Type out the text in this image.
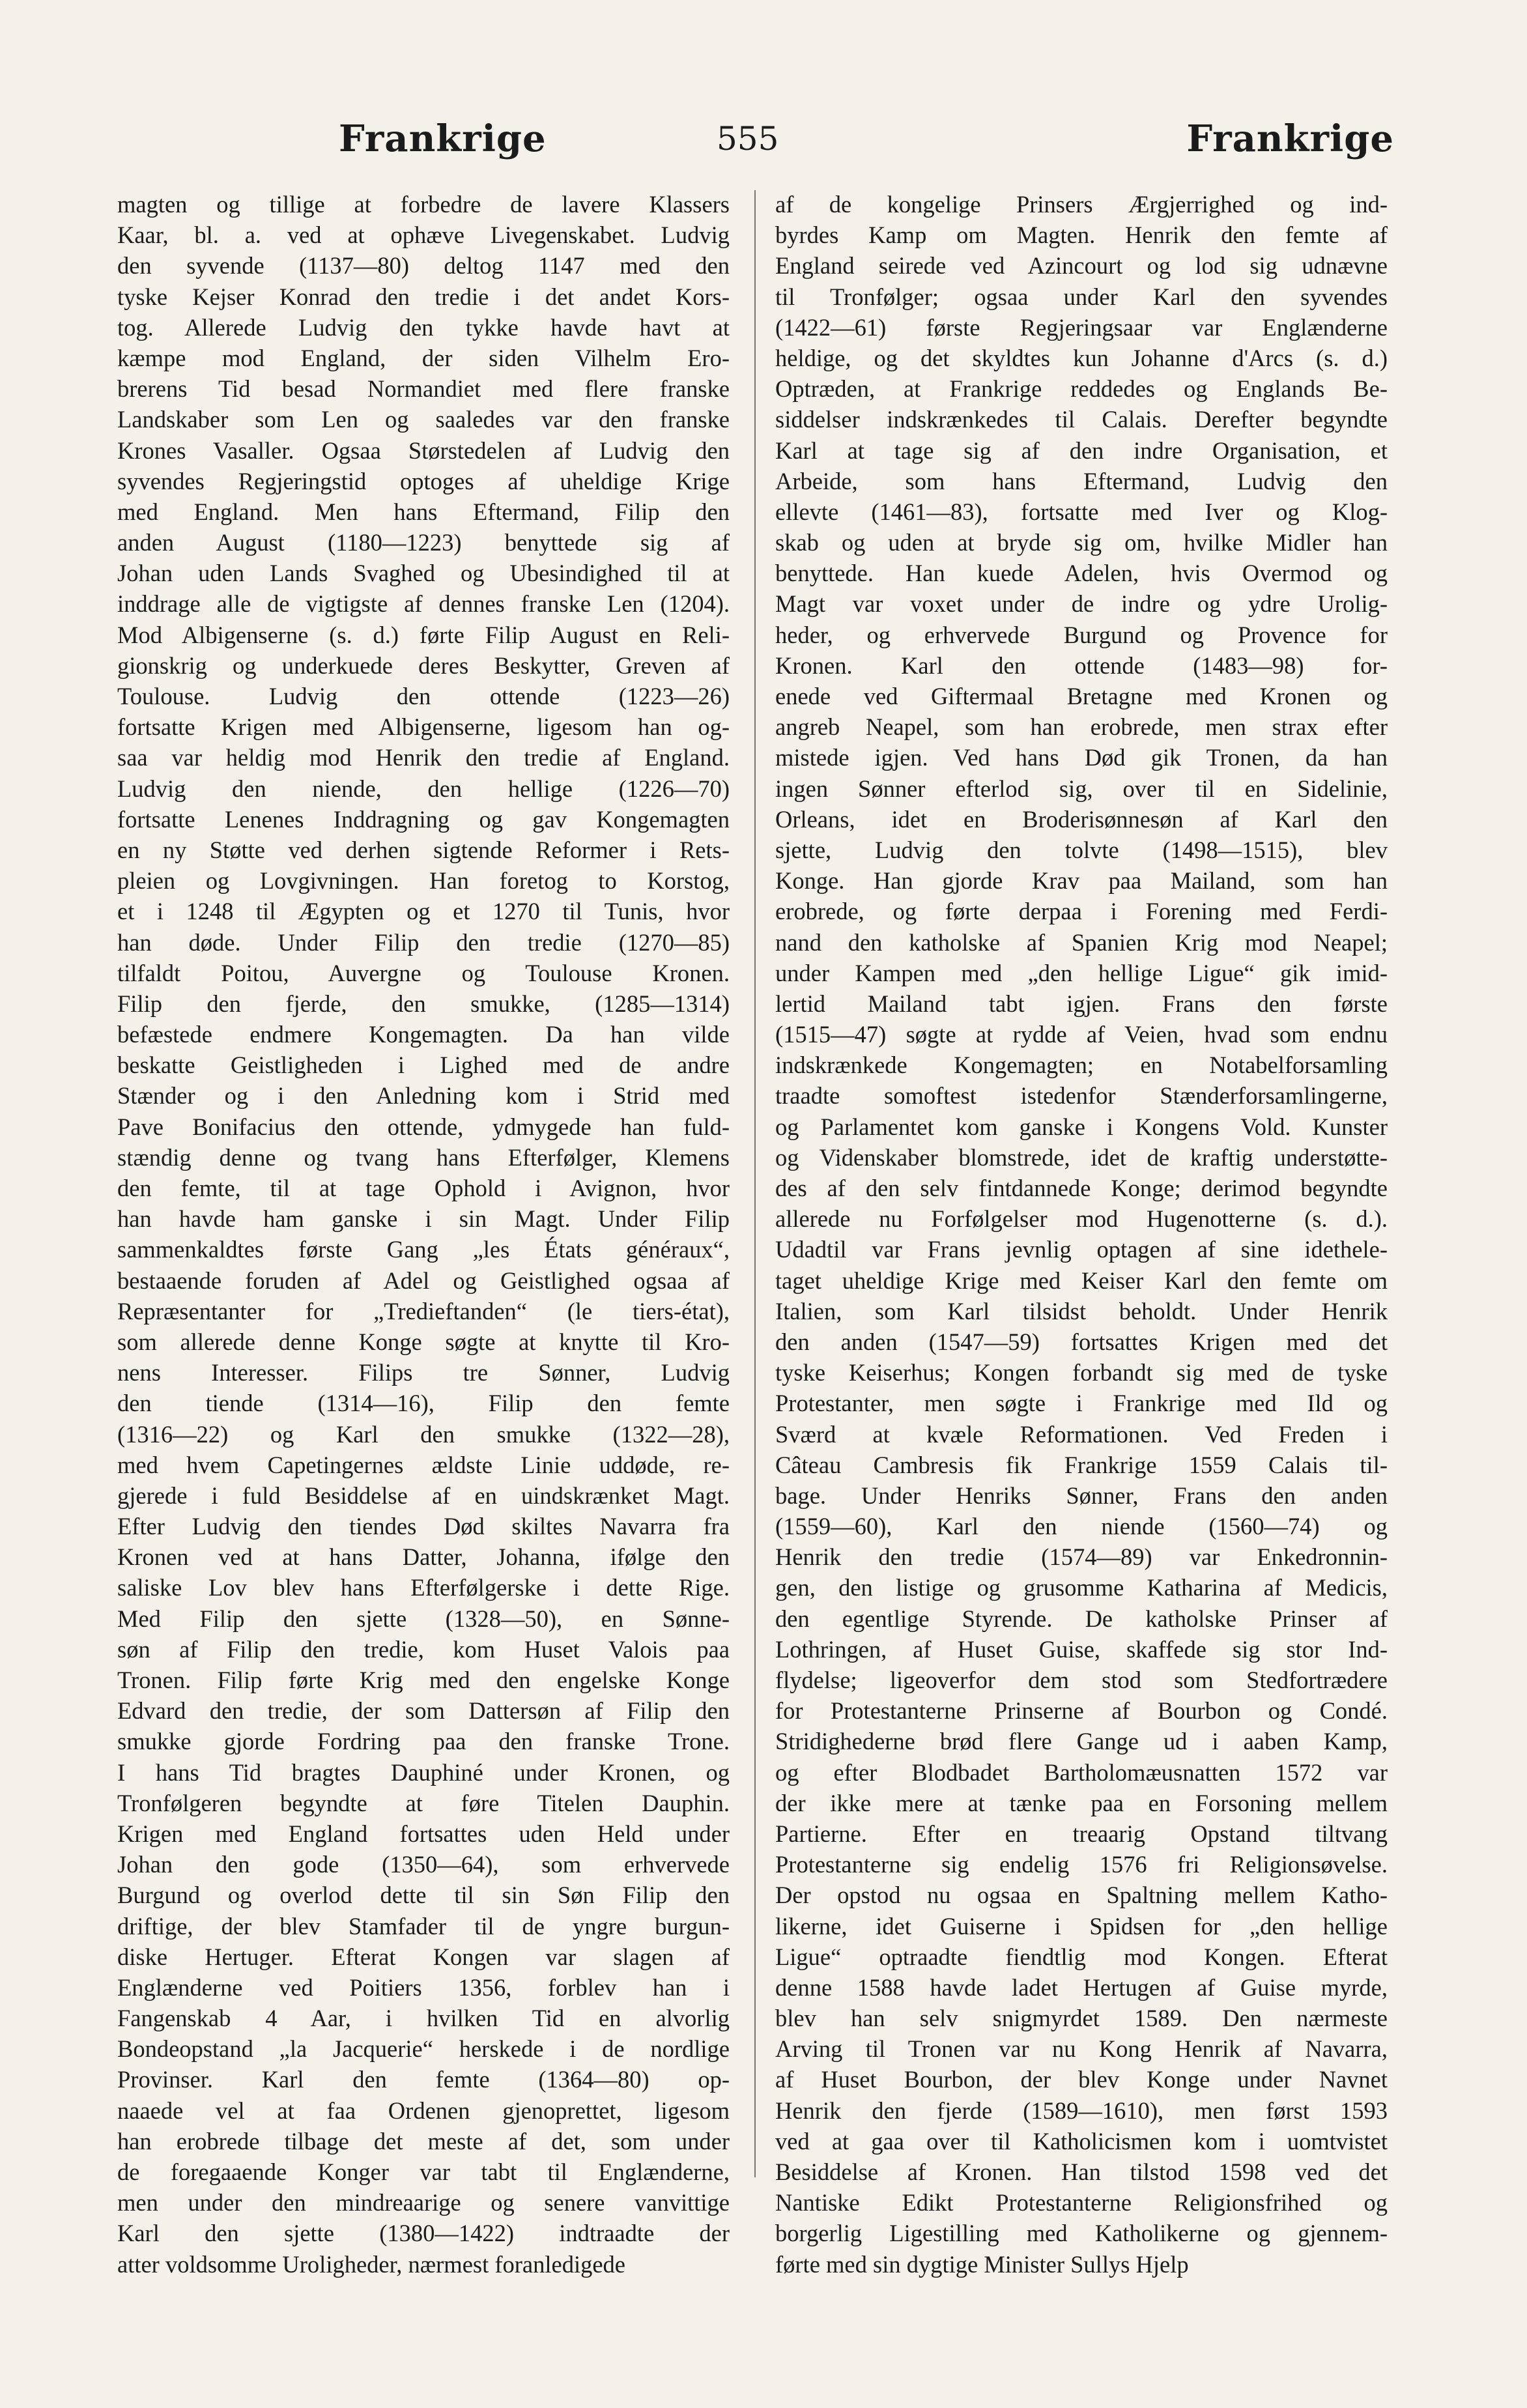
Frankrige	555	Frankrige
magten og tillige at forbedre de lavere Klassers
Kaar, bl. a. ved at ophæve Livegenskabet. Ludvig
den syvende (1137—80) deltog 1147 med den
tyske Kejser Konrad den tredie i det andet Kors-
tog. Allerede Ludvig den tykke havde havt at
kæmpe mod England, der siden Vilhelm Ero-
brerens Tid besad Normandiet med flere franske
Landskaber som Len og saaledes var den franske
Krones Vasaller. Ogsaa Størstedelen af Ludvig den
syvendes Regjeringstid optoges af uheldige Krige
med England. Men hans Eftermand, Filip den
anden August (1180—1223) benyttede sig af
Johan uden Lands Svaghed og Ubesindighed til at
inddrage alle de vigtigste af dennes franske Len (1204).
Mod Albigenserne (s. d.) førte Filip August en Reli-
gionskrig og underkuede deres Beskytter, Greven af
Toulouse. Ludvig den ottende (1223—26)
fortsatte Krigen med Albigenserne, ligesom han og-
saa var heldig mod Henrik den tredie af England.
Ludvig den niende, den hellige (1226—70)
fortsatte Lenenes Inddragning og gav Kongemagten
en ny Støtte ved derhen sigtende Reformer i Rets-
pleien og Lovgivningen. Han foretog to Korstog,
et i 1248 til Ægypten og et 1270 til Tunis, hvor
han døde. Under Filip den tredie (1270—85)
tilfaldt Poitou, Auvergne og Toulouse Kronen.
Filip den fjerde, den smukke, (1285—1314)
befæstede endmere Kongemagten. Da han vilde
beskatte Geistligheden i Lighed med de andre
Stænder og i den Anledning kom i Strid med
Pave Bonifacius den ottende, ydmygede han fuld-
stændig denne og tvang hans Efterfølger, Klemens
den femte, til at tage Ophold i Avignon, hvor
han havde ham ganske i sin Magt. Under Filip
sammenkaldtes første Gang „les États généraux“,
bestaaende foruden af Adel og Geistlighed ogsaa af
Repræsentanter for „Tredieftanden“ (le tiers-état),
som allerede denne Konge søgte at knytte til Kro-
nens Interesser. Filips tre Sønner, Ludvig
den tiende (1314—16), Filip den femte
(1316—22) og Karl den smukke (1322—28),
med hvem Capetingernes ældste Linie uddøde, re-
gjerede i fuld Besiddelse af en uindskrænket Magt.
Efter Ludvig den tiendes Død skiltes Navarra fra
Kronen ved at hans Datter, Johanna, ifølge den
saliske Lov blev hans Efterfølgerske i dette Rige.
Med Filip den sjette (1328—50), en Sønne-
søn af Filip den tredie, kom Huset Valois paa
Tronen. Filip førte Krig med den engelske Konge
Edvard den tredie, der som Dattersøn af Filip den
smukke gjorde Fordring paa den franske Trone.
I hans Tid bragtes Dauphiné under Kronen, og
Tronfølgeren begyndte at føre Titelen Dauphin.
Krigen med England fortsattes uden Held under
Johan den gode (1350—64), som erhvervede
Burgund og overlod dette til sin Søn Filip den
driftige, der blev Stamfader til de yngre burgun-
diske Hertuger. Efterat Kongen var slagen af
Englænderne ved Poitiers 1356, forblev han i
Fangenskab 4 Aar, i hvilken Tid en alvorlig
Bondeopstand „la Jacquerie“ herskede i de nordlige
Provinser. Karl den femte (1364—80) op-
naaede vel at faa Ordenen gjenoprettet, ligesom
han erobrede tilbage det meste af det, som under
de foregaaende Konger var tabt til Englænderne,
men under den mindreaarige og senere vanvittige
Karl den sjette (1380—1422) indtraadte der
atter voldsomme Uroligheder, nærmest foranledigede
af de kongelige Prinsers Ærgjerrighed og ind-
byrdes Kamp om Magten. Henrik den femte af
England seirede ved Azincourt og lod sig udnævne
til Tronfølger; ogsaa under Karl den syvendes
(1422—61) første Regjeringsaar var Englænderne
heldige, og det skyldtes kun Johanne d'Arcs (s. d.)
Optræden, at Frankrige reddedes og Englands Be-
siddelser indskrænkedes til Calais. Derefter begyndte
Karl at tage sig af den indre Organisation, et
Arbeide, som hans Eftermand, Ludvig den
ellevte (1461—83), fortsatte med Iver og Klog-
skab og uden at bryde sig om, hvilke Midler han
benyttede. Han kuede Adelen, hvis Overmod og
Magt var voxet under de indre og ydre Urolig-
heder, og erhvervede Burgund og Provence for
Kronen. Karl den ottende (1483—98) for-
enede ved Giftermaal Bretagne med Kronen og
angreb Neapel, som han erobrede, men strax efter
mistede igjen. Ved hans Død gik Tronen, da han
ingen Sønner efterlod sig, over til en Sidelinie,
Orleans, idet en Broderisønnesøn af Karl den
sjette, Ludvig den tolvte (1498—1515), blev
Konge. Han gjorde Krav paa Mailand, som han
erobrede, og førte derpaa i Forening med Ferdi-
nand den katholske af Spanien Krig mod Neapel;
under Kampen med „den hellige Ligue“ gik imid-
lertid Mailand tabt igjen. Frans den første
(1515—47) søgte at rydde af Veien, hvad som endnu
indskrænkede Kongemagten; en Notabelforsamling
traadte somoftest istedenfor Stænderforsamlingerne,
og Parlamentet kom ganske i Kongens Vold. Kunster
og Videnskaber blomstrede, idet de kraftig understøtte-
des af den selv fintdannede Konge; derimod begyndte
allerede nu Forfølgelser mod Hugenotterne (s. d.).
Udadtil var Frans jevnlig optagen af sine idethele-
taget uheldige Krige med Keiser Karl den femte om
Italien, som Karl tilsidst beholdt. Under Henrik
den anden (1547—59) fortsattes Krigen med det
tyske Keiserhus; Kongen forbandt sig med de tyske
Protestanter, men søgte i Frankrige med Ild og
Sværd at kvæle Reformationen. Ved Freden i
Câteau Cambresis fik Frankrige 1559 Calais til-
bage. Under Henriks Sønner, Frans den anden
(1559—60), Karl den niende (1560—74) og
Henrik den tredie (1574—89) var Enkedronnin-
gen, den listige og grusomme Katharina af Medicis,
den egentlige Styrende. De katholske Prinser af
Lothringen, af Huset Guise, skaffede sig stor Ind-
flydelse; ligeoverfor dem stod som Stedfortrædere
for Protestanterne Prinserne af Bourbon og Condé.
Stridighederne brød flere Gange ud i aaben Kamp,
og efter Blodbadet Bartholomæusnatten 1572 var
der ikke mere at tænke paa en Forsoning mellem
Partierne. Efter en treaarig Opstand tiltvang
Protestanterne sig endelig 1576 fri Religionsøvelse.
Der opstod nu ogsaa en Spaltning mellem Katho-
likerne, idet Guiserne i Spidsen for „den hellige
Ligue“ optraadte fiendtlig mod Kongen. Efterat
denne 1588 havde ladet Hertugen af Guise myrde,
blev han selv snigmyrdet 1589. Den nærmeste
Arving til Tronen var nu Kong Henrik af Navarra,
af Huset Bourbon, der blev Konge under Navnet
Henrik den fjerde (1589—1610), men først 1593
ved at gaa over til Katholicismen kom i uomtvistet
Besiddelse af Kronen. Han tilstod 1598 ved det
Nantiske Edikt Protestanterne Religionsfrihed og
borgerlig Ligestilling med Katholikerne og gjennem-
førte med sin dygtige Minister Sullys Hjelp
